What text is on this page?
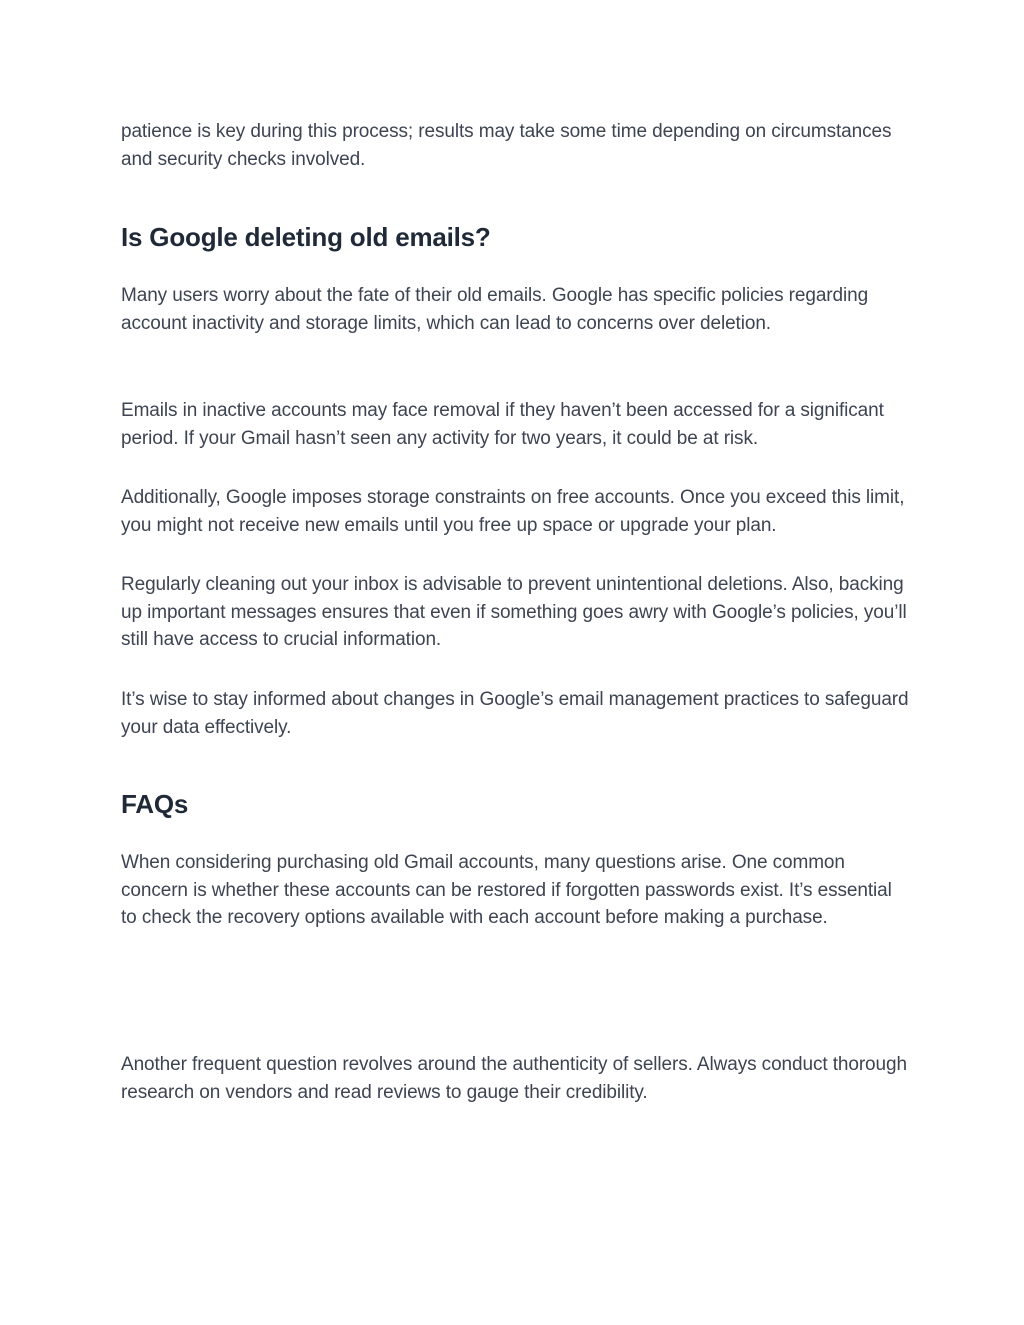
patience is key during this process; results may take some time depending on circumstances and security checks involved.

Is Google deleting old emails?

Many users worry about the fate of their old emails. Google has specific policies regarding account inactivity and storage limits, which can lead to concerns over deletion.

Emails in inactive accounts may face removal if they haven’t been accessed for a significant period. If your Gmail hasn’t seen any activity for two years, it could be at risk.

Additionally, Google imposes storage constraints on free accounts. Once you exceed this limit, you might not receive new emails until you free up space or upgrade your plan.

Regularly cleaning out your inbox is advisable to prevent unintentional deletions. Also, backing up important messages ensures that even if something goes awry with Google’s policies, you’ll still have access to crucial information.

It’s wise to stay informed about changes in Google’s email management practices to safeguard your data effectively.

FAQs

When considering purchasing old Gmail accounts, many questions arise. One common concern is whether these accounts can be restored if forgotten passwords exist. It’s essential to check the recovery options available with each account before making a purchase.

Another frequent question revolves around the authenticity of sellers. Always conduct thorough research on vendors and read reviews to gauge their credibility.
